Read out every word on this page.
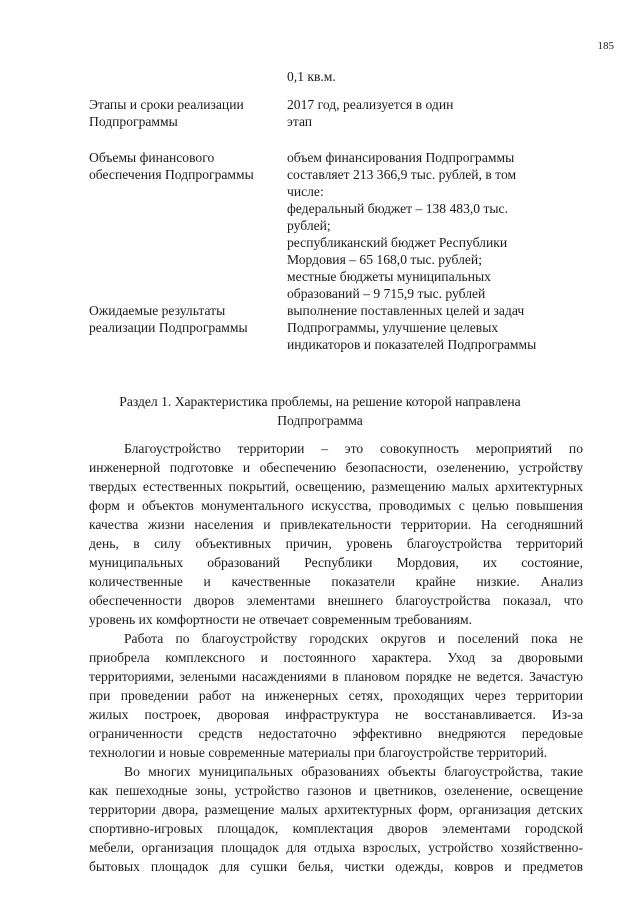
185
0,1 кв.м.
Этапы и сроки реализации
Подпрограммы
2017 год, реализуется в один
этап
Объемы финансового
обеспечения Подпрограммы
объем финансирования Подпрограммы
составляет 213 366,9 тыс. рублей, в том
числе:
федеральный бюджет – 138 483,0 тыс.
рублей;
республиканский бюджет Республики
Мордовия – 65 168,0 тыс. рублей;
местные бюджеты муниципальных
образований – 9 715,9 тыс. рублей
Ожидаемые результаты
реализации Подпрограммы
выполнение поставленных целей и задач
Подпрограммы, улучшение целевых
индикаторов и показателей Подпрограммы
Раздел 1. Характеристика проблемы, на решение которой направлена
Подпрограмма
Благоустройство территории – это совокупность мероприятий по
инженерной подготовке и обеспечению безопасности, озеленению, устройству
твердых естественных покрытий, освещению, размещению малых архитектурных
форм и объектов монументального искусства, проводимых с целью повышения
качества жизни населения и привлекательности территории. На сегодняшний
день, в силу объективных причин, уровень благоустройства территорий
муниципальных образований Республики Мордовия, их состояние,
количественные и качественные показатели крайне низкие. Анализ
обеспеченности дворов элементами внешнего благоустройства показал, что
уровень их комфортности не отвечает современным требованиям.
Работа по благоустройству городских округов и поселений пока не
приобрела комплексного и постоянного характера. Уход за дворовыми
территориями, зелеными насаждениями в плановом порядке не ведется. Зачастую
при проведении работ на инженерных сетях, проходящих через территории
жилых построек, дворовая инфраструктура не восстанавливается. Из-за
ограниченности средств недостаточно эффективно внедряются передовые
технологии и новые современные материалы при благоустройстве территорий.
Во многих муниципальных образованиях объекты благоустройства, такие
как пешеходные зоны, устройство газонов и цветников, озеленение, освещение
территории двора, размещение малых архитектурных форм, организация детских
спортивно-игровых площадок, комплектация дворов элементами городской
мебели, организация площадок для отдыха взрослых, устройство хозяйственно-
бытовых площадок для сушки белья, чистки одежды, ковров и предметов
